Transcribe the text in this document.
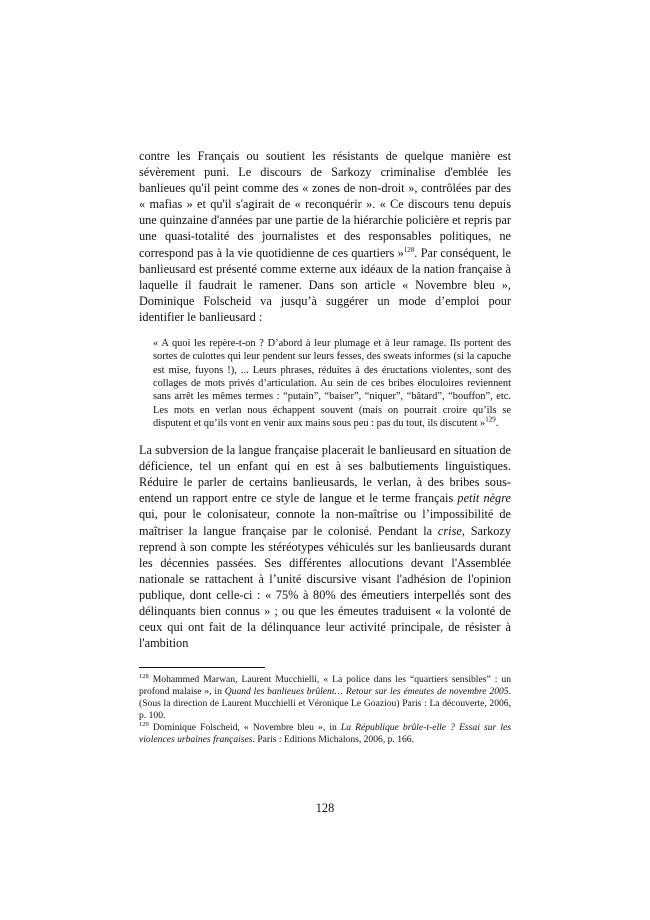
contre les Français ou soutient les résistants de quelque manière est sévèrement puni. Le discours de Sarkozy criminalise d'emblée les banlieues qu'il peint comme des « zones de non-droit », contrôlées par des « mafias » et qu'il s'agirait de « reconquérir ». « Ce discours tenu depuis une quinzaine d'années par une partie de la hiérarchie policière et repris par une quasi-totalité des journalistes et des responsables politiques, ne correspond pas à la vie quotidienne de ces quartiers »$^{128}$. Par conséquent, le banlieusard est présenté comme externe aux idéaux de la nation française à laquelle il faudrait le ramener. Dans son article « Novembre bleu », Dominique Folscheid va jusqu’à suggérer un mode d’emploi pour identifier le banlieusard :

« A quoi les repère-t-on ? D’abord à leur plumage et à leur ramage. Ils portent des sortes de culottes qui leur pendent sur leurs fesses, des sweats informes (si la capuche est mise, fuyons !), ... Leurs phrases, réduites à des éructations violentes, sont des collages de mots privés d’articulation. Au sein de ces bribes éloculoires reviennent sans arrêt les mêmes termes : “putain”, “baiser”, “niquer”, “bâtard”, “bouffon”, etc. Les mots en verlan nous échappent souvent (mais on pourrait croire qu’ils se disputent et qu’ils vont en venir aux mains sous peu : pas du tout, ils discutent »$^{129}$.

La subversion de la langue française placerait le banlieusard en situation de déficience, tel un enfant qui en est à ses balbutiements linguistiques. Réduire le parler de certains banlieusards, le verlan, à des bribes sous-entend un rapport entre ce style de langue et le terme français petit nègre qui, pour le colonisateur, connote la non-maîtrise ou l’impossibilité de maîtriser la langue française par le colonisé. Pendant la crise, Sarkozy reprend à son compte les stéréotypes véhiculés sur les banlieusards durant les décennies passées. Ses différentes allocutions devant l'Assemblée nationale se rattachent à l’unité discursive visant l'adhésion de l'opinion publique, dont celle-ci : « 75% à 80% des émeutiers interpellés sont des délinquants bien connus » ; ou que les émeutes traduisent « la volonté de ceux qui ont fait de la délinquance leur activité principale, de résister à l'ambition

$^{128}$ Mohammed Marwan, Laurent Mucchielli, « La police dans les “quartiers sensibles” : un profond malaise », in Quand les banlieues brûlent… Retour sur les émeutes de novembre 2005. (Sous la direction de Laurent Mucchielli et Véronique Le Goaziou) Paris : La découverte, 2006, p. 100.

$^{129}$ Dominique Folscheid, « Novembre bleu », in La République brûle-t-elle ? Essai sur les violences urbaines françaises. Paris : Editions Michalons, 2006, p. 166.

128
